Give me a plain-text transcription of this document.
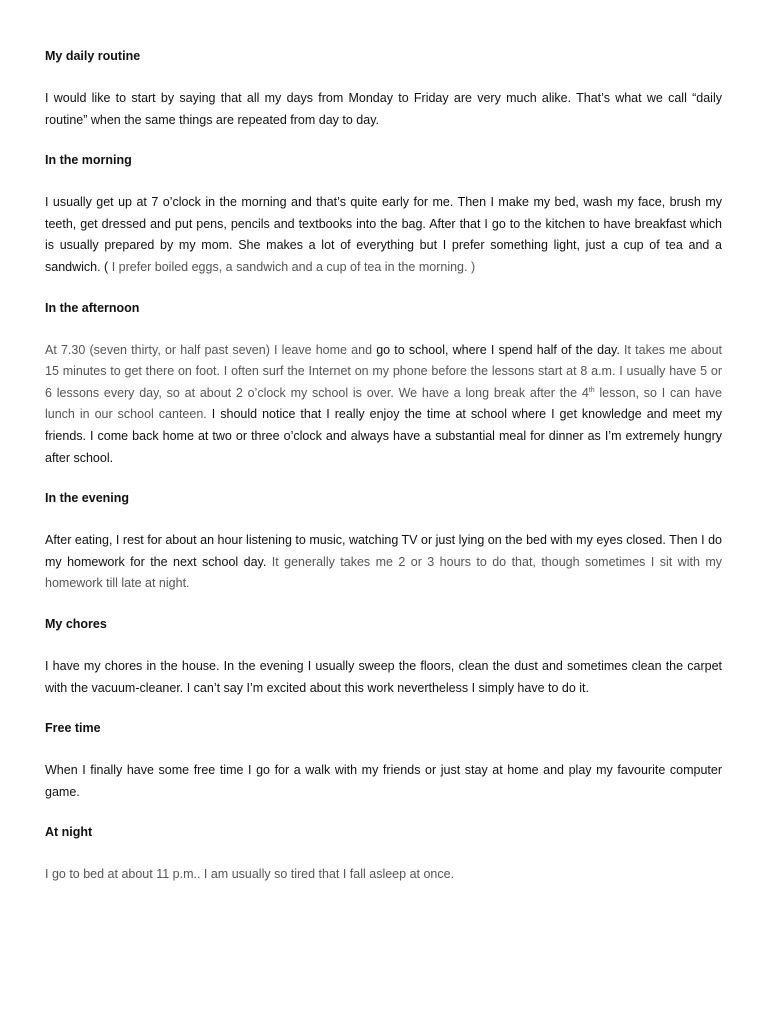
My daily routine

I would like to start by saying that all my days from Monday to Friday are very much alike. That’s what we call “daily routine” when the same things are repeated from day to day.

In the morning

I usually get up at 7 o’clock in the morning and that’s quite early for me. Then I make my bed, wash my face, brush my teeth, get dressed and put pens, pencils and textbooks into the bag. After that I go to the kitchen to have breakfast which is usually prepared by my mom. She makes a lot of everything but I prefer something light, just a cup of tea and a sandwich. ( I prefer boiled eggs, a sandwich and a cup of tea in the morning. )

In the afternoon

At 7.30 (seven thirty, or half past seven) I leave home and go to school, where I spend half of the day. It takes me about 15 minutes to get there on foot. I often surf the Internet on my phone before the lessons start at 8 a.m. I usually have 5 or 6 lessons every day, so at about 2 o’clock my school is over. We have a long break after the 4th lesson, so I can have lunch in our school canteen. I should notice that I really enjoy the time at school where I get knowledge and meet my friends. I come back home at two or three o’clock and always have a substantial meal for dinner as I’m extremely hungry after school.

In the evening

After eating, I rest for about an hour listening to music, watching TV or just lying on the bed with my eyes closed. Then I do my homework for the next school day. It generally takes me 2 or 3 hours to do that, though sometimes I sit with my homework till late at night.

My chores

I have my chores in the house. In the evening I usually sweep the floors, clean the dust and sometimes clean the carpet with the vacuum-cleaner. I can’t say I’m excited about this work nevertheless I simply have to do it.

Free time

When I finally have some free time I go for a walk with my friends or just stay at home and play my favourite computer game.

At night

I go to bed at about 11 p.m.. I am usually so tired that I fall asleep at once.
